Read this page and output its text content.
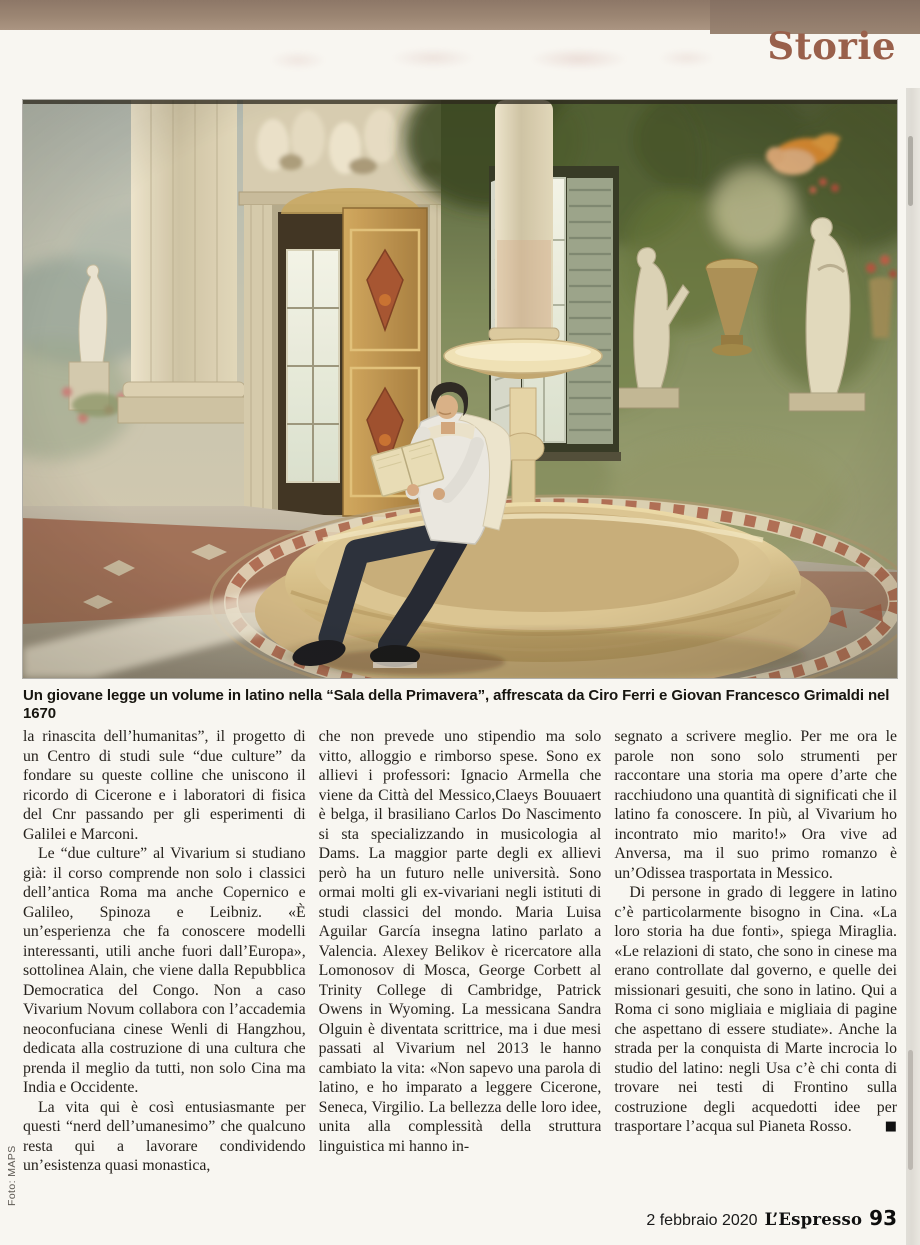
Storie
Un giovane legge un volume in latino nella “Sala della Primavera”, affrescata da Ciro Ferri e Giovan Francesco Grimaldi nel 1670

la rinascita dell’humanitas”, il progetto di un Centro di studi sule “due culture” da fondare su queste colline che uniscono il ricordo di Cicerone e i laboratori di fisica del Cnr passando per gli esperimenti di Galilei e Marconi.

Le “due culture” al Vivarium si studiano già: il corso comprende non solo i classici dell’antica Roma ma anche Copernico e Galileo, Spinoza e Leibniz. «È un’esperienza che fa conoscere modelli interessanti, utili anche fuori dall’Europa», sottolinea Alain, che viene dalla Repubblica Democratica del Congo. Non a caso Vivarium Novum collabora con l’accademia neoconfuciana cinese Wenli di Hangzhou, dedicata alla costruzione di una cultura che prenda il meglio da tutti, non solo Cina ma India e Occidente.

La vita qui è così entusiasmante per questi “nerd dell’umanesimo” che qualcuno resta qui a lavorare condividendo un’esistenza quasi monastica,

che non prevede uno stipendio ma solo vitto, alloggio e rimborso spese. Sono ex allievi i professori: Ignacio Armella che viene da Città del Messico,Claeys Bouuaert è belga, il brasiliano Carlos Do Nascimento si sta specializzando in musicologia al Dams. La maggior parte degli ex allievi però ha un futuro nelle università. Sono ormai molti gli ex-vivariani negli istituti di studi classici del mondo. Maria Luisa Aguilar García insegna latino parlato a Valencia. Alexey Belikov è ricercatore alla Lomonosov di Mosca, George Corbett al Trinity College di Cambridge, Patrick Owens in Wyoming. La messicana Sandra Olguin è diventata scrittrice, ma i due mesi passati al Vivarium nel 2013 le hanno cambiato la vita: «Non sapevo una parola di latino, e ho imparato a leggere Cicerone, Seneca, Virgilio. La bellezza delle loro idee, unita alla complessità della struttura linguistica mi hanno in-

segnato a scrivere meglio. Per me ora le parole non sono solo strumenti per raccontare una storia ma opere d’arte che racchiudono una quantità di significati che il latino fa conoscere. In più, al Vivarium ho incontrato mio marito!» Ora vive ad Anversa, ma il suo primo romanzo è un’Odissea trasportata in Messico.

Di persone in grado di leggere in latino c’è particolarmente bisogno in Cina. «La loro storia ha due fonti», spiega Miraglia. «Le relazioni di stato, che sono in cinese ma erano controllate dal governo, e quelle dei missionari gesuiti, che sono in latino. Qui a Roma ci sono migliaia e migliaia di pagine che aspettano di essere studiate». Anche la strada per la conquista di Marte incrocia lo studio del latino: negli Usa c’è chi conta di trovare nei testi di Frontino sulla costruzione degli acquedotti idee per trasportare l’acqua sul Pianeta Rosso.	■

2 febbraio 2020 L’Espresso 93
Foto: MAPS
